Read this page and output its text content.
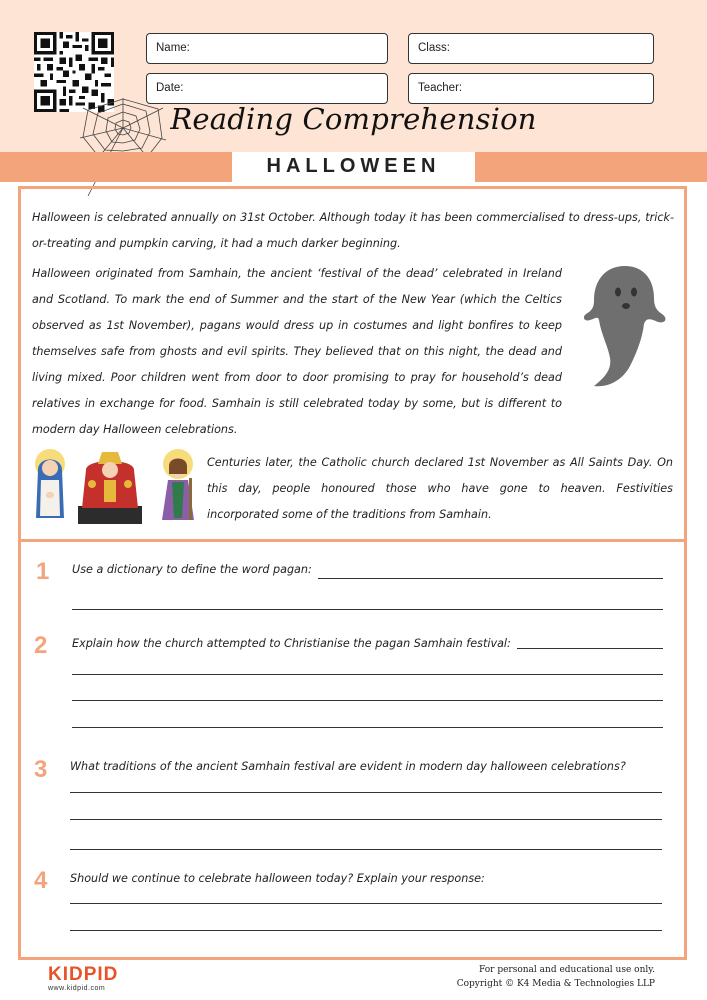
Name:	Class:
Date:	Teacher:
Reading Comprehension
HALLOWEEN

Halloween is celebrated annually on 31st October. Although today it has been commercialised to dress-ups, trick-or-treating and pumpkin carving, it had a much darker beginning.

Halloween originated from Samhain, the ancient ‘festival of the dead’ celebrated in Ireland and Scotland. To mark the end of Summer and the start of the New Year (which the Celtics observed as 1st November), pagans would dress up in costumes and light bonfires to keep themselves safe from ghosts and evil spirits. They believed that on this night, the dead and living mixed. Poor children went from door to door promising to pray for household’s dead relatives in exchange for food. Samhain is still celebrated today by some, but is different to modern day Halloween celebrations.

Centuries later, the Catholic church declared 1st November as All Saints Day. On this day, people honoured those who have gone to heaven. Festivities incorporated some of the traditions from Samhain.

1 Use a dictionary to define the word pagan:
2 Explain how the church attempted to Christianise the pagan Samhain festival:
3 What traditions of the ancient Samhain festival are evident in modern day halloween celebrations?
4 Should we continue to celebrate halloween today? Explain your response:
KIDPID
www.kidpid.com
For personal and educational use only.
Copyright © K4 Media & Technologies LLP
